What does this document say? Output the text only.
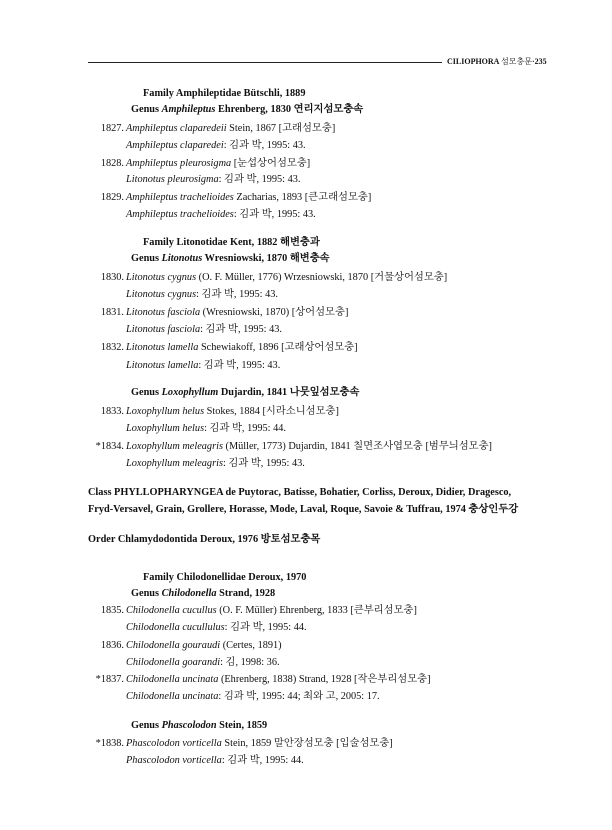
CILIOPHORA 섬모충문·235
Family Amphileptidae Bütschli, 1889
Genus Amphileptus Ehrenberg, 1830 연리지섬모충속
1827. Amphileptus claparedeii Stein, 1867 [고래섬모충]
Amphileptus claparedei: 김과 박, 1995: 43.
1828. Amphileptus pleurosigma [눈섭상어섬모충]
Litonotus pleurosigma: 김과 박, 1995: 43.
1829. Amphileptus trachelioides Zacharias, 1893 [큰고래섬모충]
Amphileptus trachelioides: 김과 박, 1995: 43.
Family Litonotidae Kent, 1882 해변충과
Genus Litonotus Wresniowski, 1870 해변충속
1830. Litonotus cygnus (O. F. Müller, 1776) Wrzesniowski, 1870 [거물상어섬모충]
Litonotus cygnus: 김과 박, 1995: 43.
1831. Litonotus fasciola (Wresniowski, 1870) [상어섬모충]
Litonotus fasciola: 김과 박, 1995: 43.
1832. Litonotus lamella Schewiakoff, 1896 [고래상어섬모충]
Litonotus lamella: 김과 박, 1995: 43.
Genus Loxophyllum Dujardin, 1841 나뭇잎섬모충속
1833. Loxophyllum helus Stokes, 1884 [시라소니섬모충]
Loxophyllum helus: 김과 박, 1995: 44.
*1834. Loxophyllum meleagris (Müller, 1773) Dujardin, 1841 칠면조사엽모충 [범무늬섬모충]
Loxophyllum meleagris: 김과 박, 1995: 43.
Class PHYLLOPHARYNGEA de Puytorac, Batisse, Bohatier, Corliss, Deroux, Didier, Dragesco,
Fryd-Versavel, Grain, Grollere, Horasse, Mode, Laval, Roque, Savoie & Tuffrau, 1974 충상인두강
Order Chlamydodontida Deroux, 1976 방토섬모충목
Family Chilodonellidae Deroux, 1970
Genus Chilodonella Strand, 1928
1835. Chilodonella cucullus (O. F. Müller) Ehrenberg, 1833 [큰부리섬모충]
Chilodonella cucullulus: 김과 박, 1995: 44.
1836. Chilodonella gouraudi (Certes, 1891)
Chilodonella goarandi: 김, 1998: 36.
*1837. Chilodonella uncinata (Ehrenberg, 1838) Strand, 1928 [작은부리섬모충]
Chilodonella uncinata: 김과 박, 1995: 44; 최와 고, 2005: 17.
Genus Phascolodon Stein, 1859
*1838. Phascolodon vorticella Stein, 1859 말안장섬모충 [입술섬모충]
Phascolodon vorticella: 김과 박, 1995: 44.
